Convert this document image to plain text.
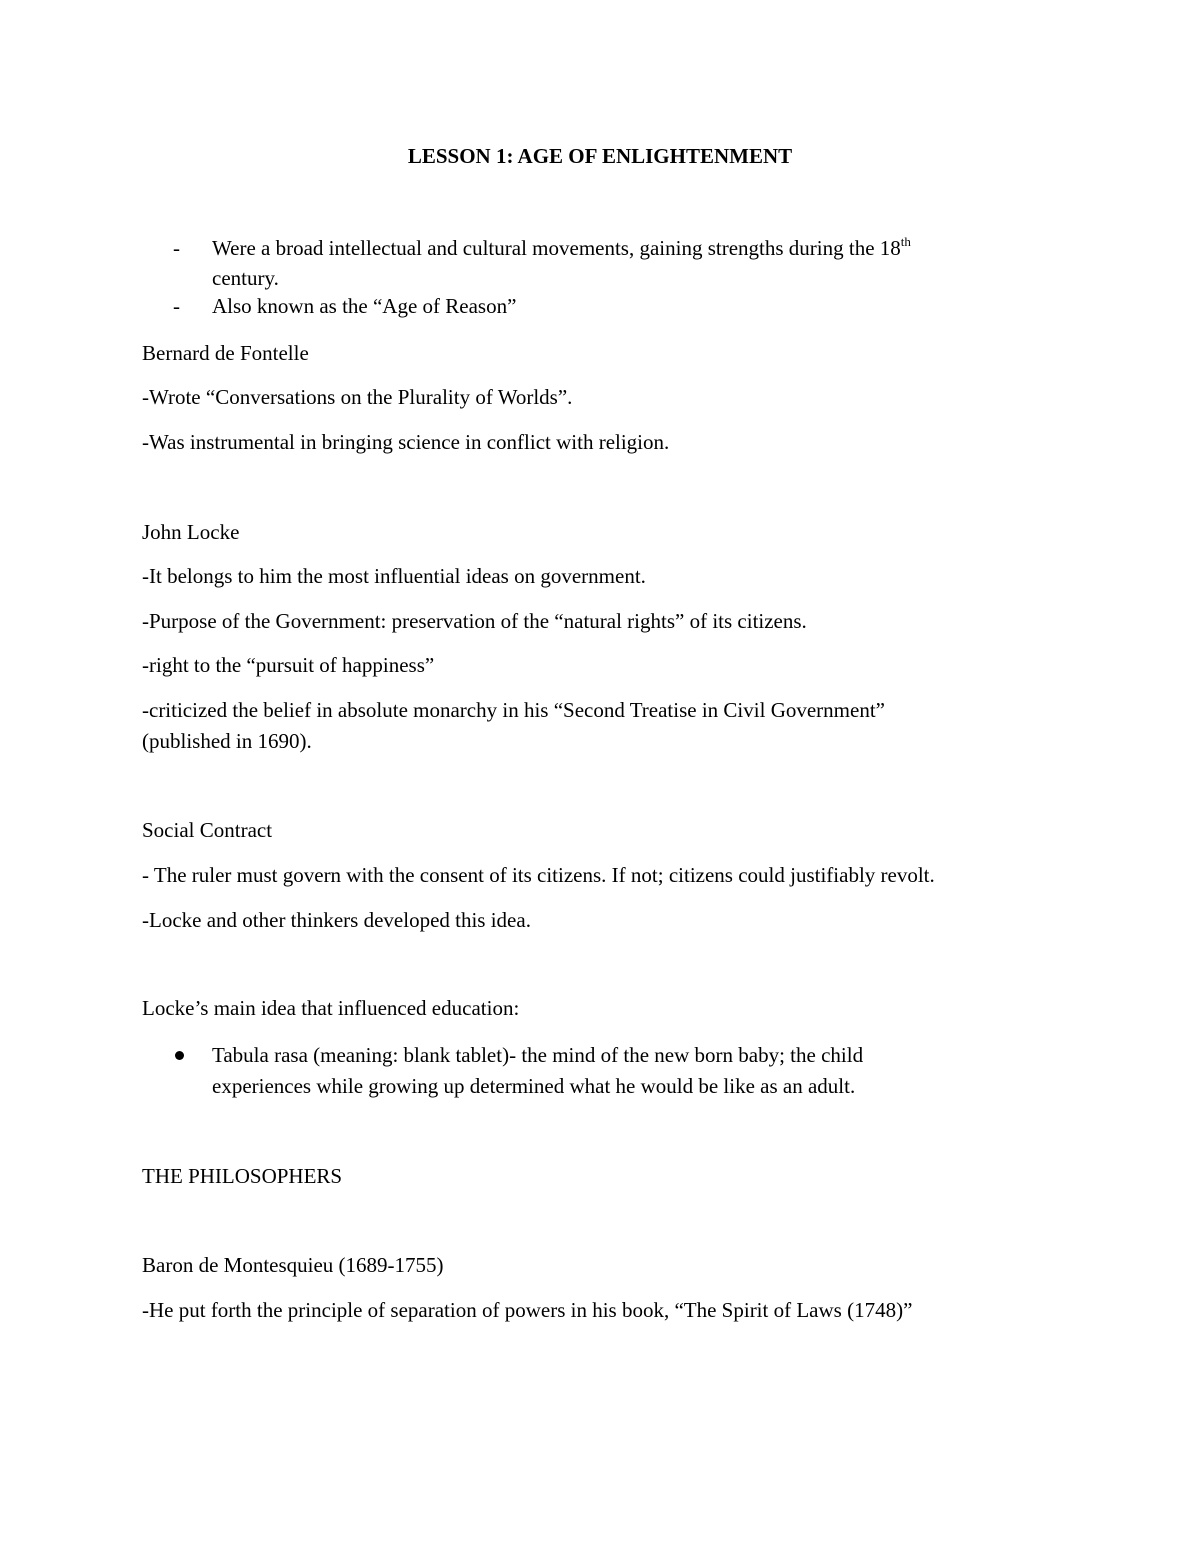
LESSON 1: AGE OF ENLIGHTENMENT
- Were a broad intellectual and cultural movements, gaining strengths during the 18th
century.
- Also known as the “Age of Reason”
Bernard de Fontelle
-Wrote “Conversations on the Plurality of Worlds”.
-Was instrumental in bringing science in conflict with religion.
John Locke
-It belongs to him the most influential ideas on government.
-Purpose of the Government: preservation of the “natural rights” of its citizens.
-right to the “pursuit of happiness”
-criticized the belief in absolute monarchy in his “Second Treatise in Civil Government”
(published in 1690).
Social Contract
- The ruler must govern with the consent of its citizens. If not; citizens could justifiably revolt.
-Locke and other thinkers developed this idea.
Locke’s main idea that influenced education:
Tabula rasa (meaning: blank tablet)- the mind of the new born baby; the child
experiences while growing up determined what he would be like as an adult.
THE PHILOSOPHERS
Baron de Montesquieu (1689-1755)
-He put forth the principle of separation of powers in his book, “The Spirit of Laws (1748)”
